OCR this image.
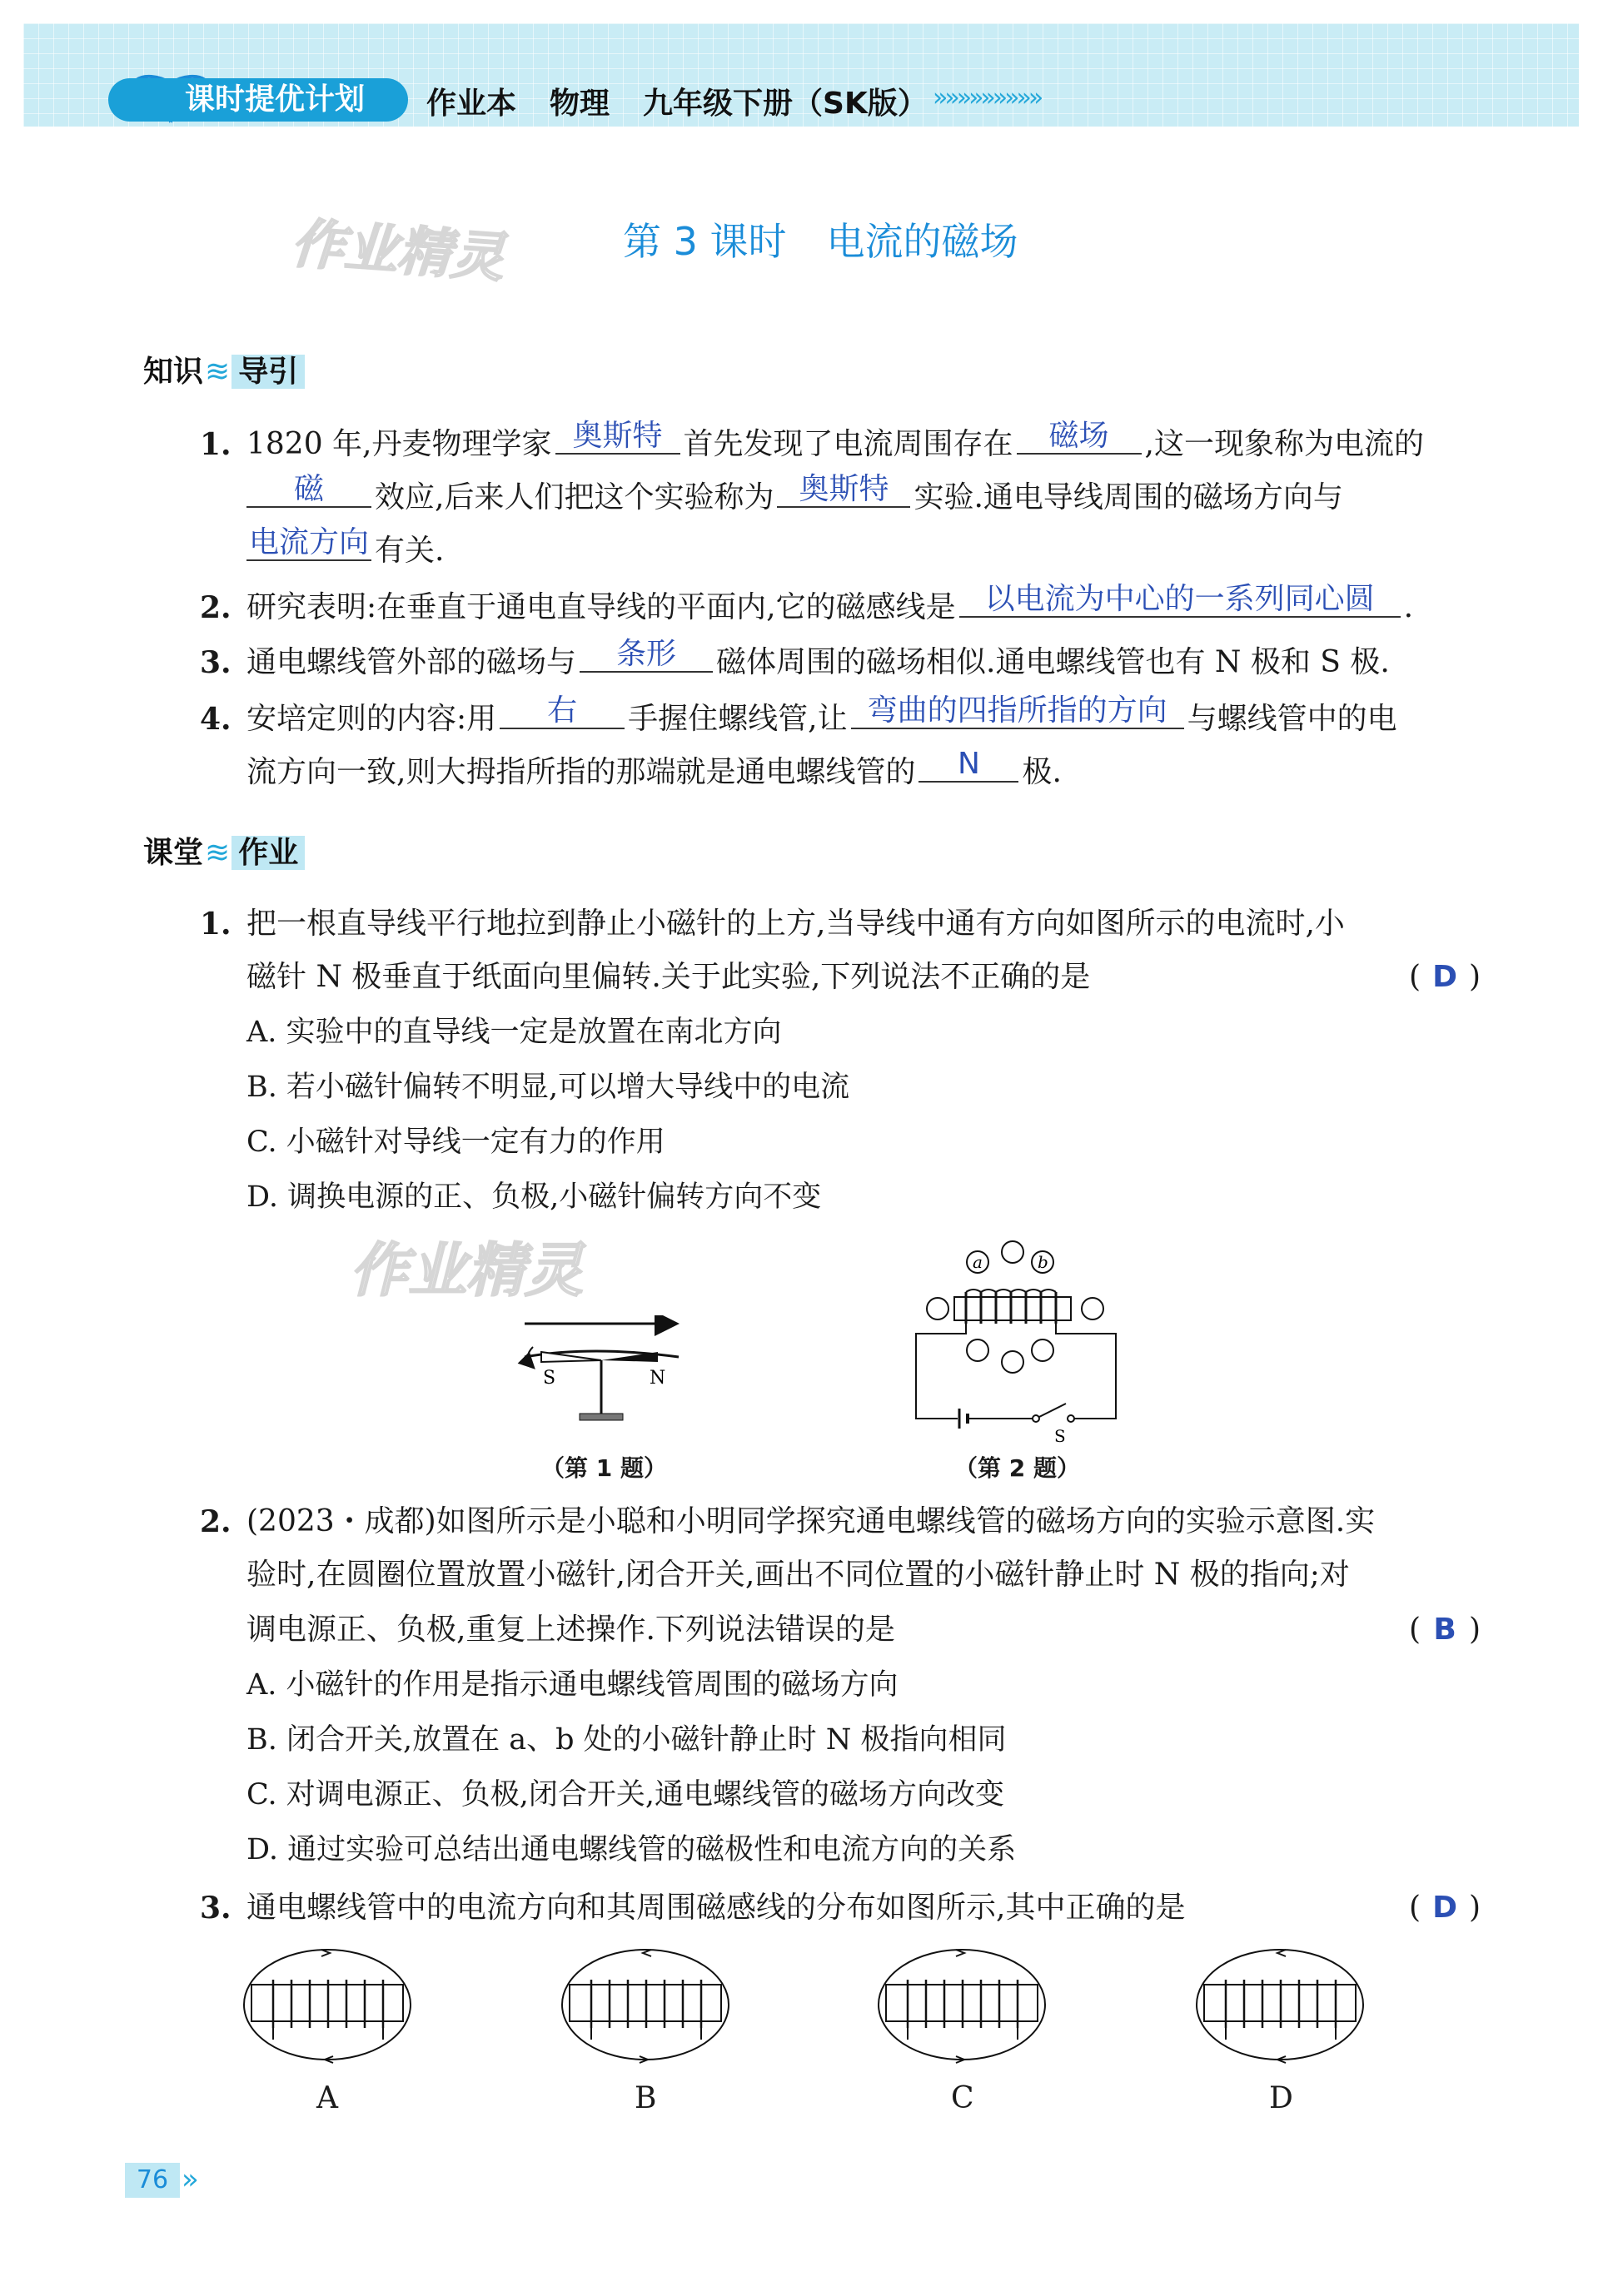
课时提优计划	作业本 物理 九年级下册（SK版） »»»»»»»»»
作业精灵	第 3 课时 电流的磁场
知识≋ 导引
1. 1820 年,丹麦物理学家 奥斯特 首先发现了电流周围存在 磁场 ,这一现象称为电流的
磁 效应,后来人们把这个实验称为 奥斯特 实验.通电导线周围的磁场方向与
电流方向 有关.
2. 研究表明:在垂直于通电直导线的平面内,它的磁感线是 以电流为中心的一系列同心圆 .
3. 通电螺线管外部的磁场与 条形 磁体周围的磁场相似.通电螺线管也有 N 极和 S 极.
4. 安培定则的内容:用 右 手握住螺线管,让 弯曲的四指所指的方向 与螺线管中的电
流方向一致,则大拇指所指的那端就是通电螺线管的 N 极.
课堂≋ 作业
1. 把一根直导线平行地拉到静止小磁针的上方,当导线中通有方向如图所示的电流时,小
磁针 N 极垂直于纸面向里偏转.关于此实验,下列说法不正确的是	( D )
A. 实验中的直导线一定是放置在南北方向
B. 若小磁针偏转不明显,可以增大导线中的电流
C. 小磁针对导线一定有力的作用
D. 调换电源的正、负极,小磁针偏转方向不变
作业精灵
S	N
（第 1 题）
a	b
S
（第 2 题）
2. (2023・成都)如图所示是小聪和小明同学探究通电螺线管的磁场方向的实验示意图.实
验时,在圆圈位置放置小磁针,闭合开关,画出不同位置的小磁针静止时 N 极的指向;对
调电源正、负极,重复上述操作.下列说法错误的是	( B )
A. 小磁针的作用是指示通电螺线管周围的磁场方向
B. 闭合开关,放置在 a、b 处的小磁针静止时 N 极指向相同
C. 对调电源正、负极,闭合开关,通电螺线管的磁场方向改变
D. 通过实验可总结出通电螺线管的磁极性和电流方向的关系
3. 通电螺线管中的电流方向和其周围磁感线的分布如图所示,其中正确的是	( D )
A	B	C	D
76 »
